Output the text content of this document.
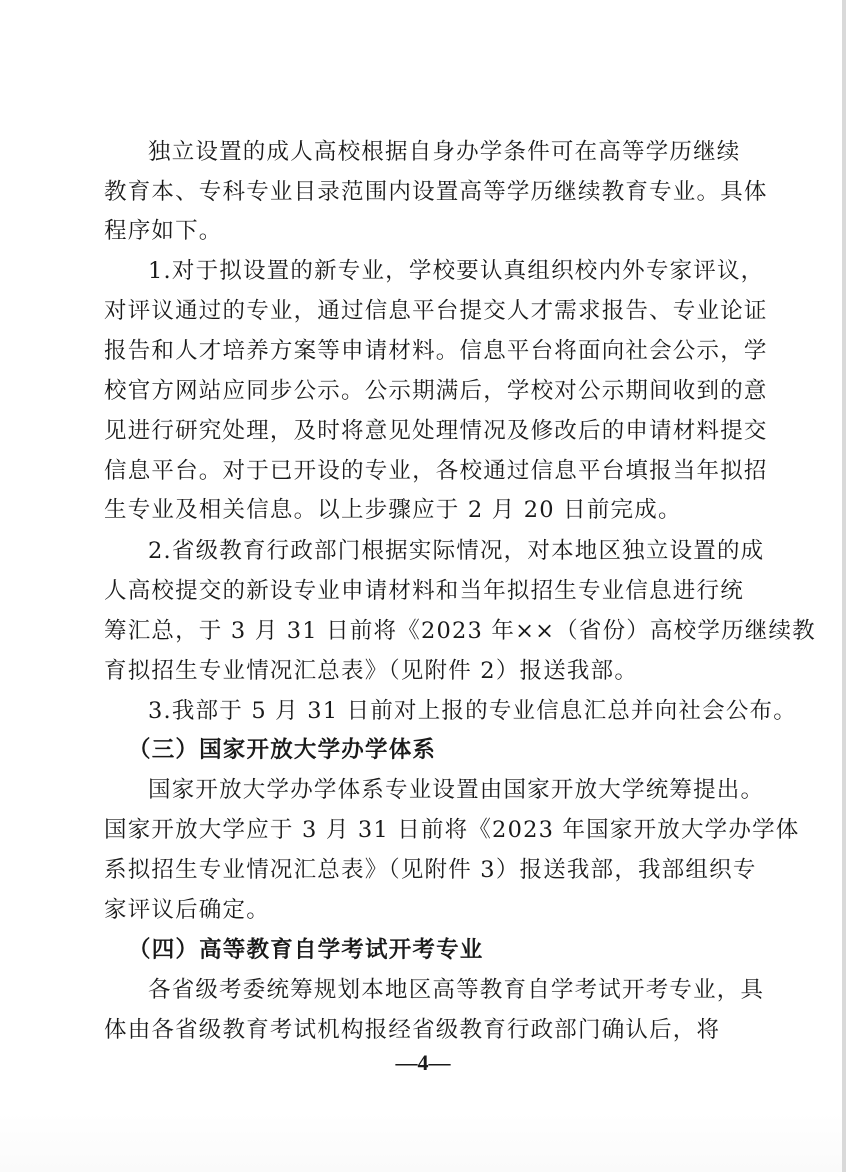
独立设置的成人高校根据自身办学条件可在高等学历继续
教育本、专科专业目录范围内设置高等学历继续教育专业。具体
程序如下。
1.对于拟设置的新专业，学校要认真组织校内外专家评议，
对评议通过的专业，通过信息平台提交人才需求报告、专业论证
报告和人才培养方案等申请材料。信息平台将面向社会公示，学
校官方网站应同步公示。公示期满后，学校对公示期间收到的意
见进行研究处理，及时将意见处理情况及修改后的申请材料提交
信息平台。对于已开设的专业，各校通过信息平台填报当年拟招
生专业及相关信息。以上步骤应于 2 月 20 日前完成。
2.省级教育行政部门根据实际情况，对本地区独立设置的成
人高校提交的新设专业申请材料和当年拟招生专业信息进行统
筹汇总，于 3 月 31 日前将《2023 年××（省份）高校学历继续教
育拟招生专业情况汇总表》（见附件 2）报送我部。
3.我部于 5 月 31 日前对上报的专业信息汇总并向社会公布。
（三）国家开放大学办学体系
国家开放大学办学体系专业设置由国家开放大学统筹提出。
国家开放大学应于 3 月 31 日前将《2023 年国家开放大学办学体
系拟招生专业情况汇总表》（见附件 3）报送我部，我部组织专
家评议后确定。
（四）高等教育自学考试开考专业
各省级考委统筹规划本地区高等教育自学考试开考专业，具
体由各省级教育考试机构报经省级教育行政部门确认后，将
—4—
